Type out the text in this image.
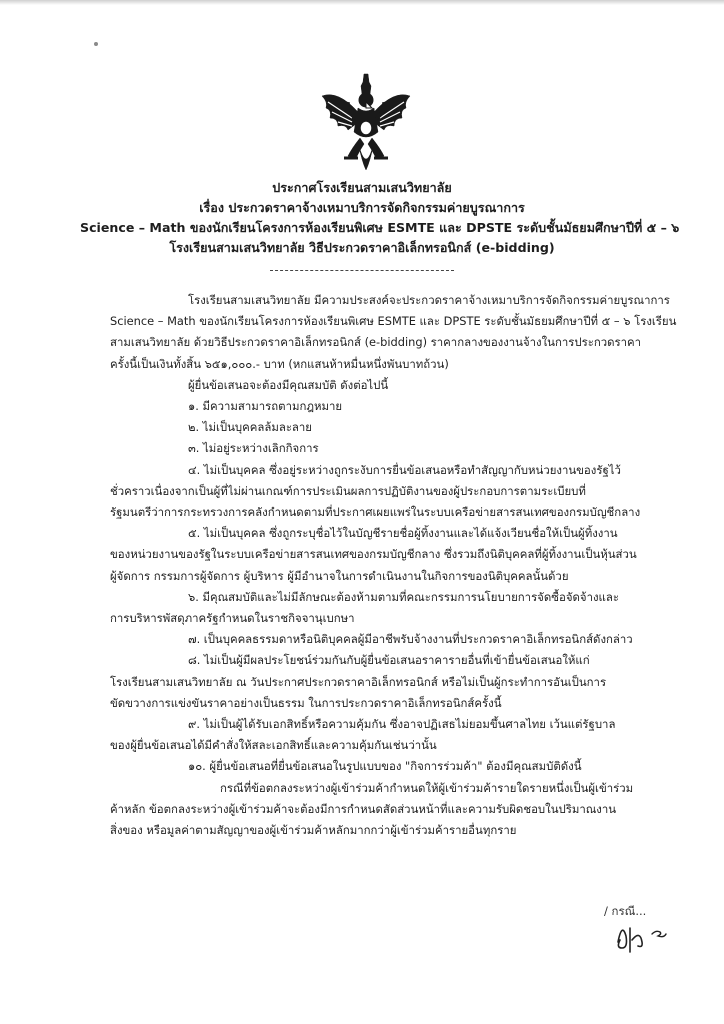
ประกาศโรงเรียนสามเสนวิทยาลัย
เรื่อง ประกวดราคาจ้างเหมาบริการจัดกิจกรรมค่ายบูรณาการ
Science – Math ของนักเรียนโครงการห้องเรียนพิเศษ ESMTE และ DPSTE ระดับชั้นมัธยมศึกษาปีที่ ๕ – ๖
โรงเรียนสามเสนวิทยาลัย วิธีประกวดราคาอิเล็กทรอนิกส์ (e-bidding)
โรงเรียนสามเสนวิทยาลัย มีความประสงค์จะประกวดราคาจ้างเหมาบริการจัดกิจกรรมค่ายบูรณาการ
Science – Math ของนักเรียนโครงการห้องเรียนพิเศษ ESMTE และ DPSTE ระดับชั้นมัธยมศึกษาปีที่ ๕ – ๖ โรงเรียน
สามเสนวิทยาลัย ด้วยวิธีประกวดราคาอิเล็กทรอนิกส์ (e-bidding) ราคากลางของงานจ้างในการประกวดราคา
ครั้งนี้เป็นเงินทั้งสิ้น ๖๕๑,๐๐๐.- บาท (หกแสนห้าหมื่นหนึ่งพันบาทถ้วน)
ผู้ยื่นข้อเสนอจะต้องมีคุณสมบัติ ดังต่อไปนี้
๑. มีความสามารถตามกฎหมาย
๒. ไม่เป็นบุคคลล้มละลาย
๓. ไม่อยู่ระหว่างเลิกกิจการ
๔. ไม่เป็นบุคคล ซึ่งอยู่ระหว่างถูกระงับการยื่นข้อเสนอหรือทำสัญญากับหน่วยงานของรัฐไว้
ชั่วคราวเนื่องจากเป็นผู้ที่ไม่ผ่านเกณฑ์การประเมินผลการปฏิบัติงานของผู้ประกอบการตามระเบียบที่
รัฐมนตรีว่าการกระทรวงการคลังกำหนดตามที่ประกาศเผยแพร่ในระบบเครือข่ายสารสนเทศของกรมบัญชีกลาง
๕. ไม่เป็นบุคคล ซึ่งถูกระบุชื่อไว้ในบัญชีรายชื่อผู้ทิ้งงานและได้แจ้งเวียนชื่อให้เป็นผู้ทิ้งงาน
ของหน่วยงานของรัฐในระบบเครือข่ายสารสนเทศของกรมบัญชีกลาง ซึ่งรวมถึงนิติบุคคลที่ผู้ทิ้งงานเป็นหุ้นส่วน
ผู้จัดการ กรรมการผู้จัดการ ผู้บริหาร ผู้มีอำนาจในการดำเนินงานในกิจการของนิติบุคคลนั้นด้วย
๖. มีคุณสมบัติและไม่มีลักษณะต้องห้ามตามที่คณะกรรมการนโยบายการจัดซื้อจัดจ้างและ
การบริหารพัสดุภาครัฐกำหนดในราชกิจจานุเบกษา
๗. เป็นบุคคลธรรมดาหรือนิติบุคคลผู้มีอาชีพรับจ้างงานที่ประกวดราคาอิเล็กทรอนิกส์ดังกล่าว
๘. ไม่เป็นผู้มีผลประโยชน์ร่วมกันกับผู้ยื่นข้อเสนอราคารายอื่นที่เข้ายื่นข้อเสนอให้แก่
โรงเรียนสามเสนวิทยาลัย ณ วันประกาศประกวดราคาอิเล็กทรอนิกส์ หรือไม่เป็นผู้กระทำการอันเป็นการ
ขัดขวางการแข่งขันราคาอย่างเป็นธรรม ในการประกวดราคาอิเล็กทรอนิกส์ครั้งนี้
๙. ไม่เป็นผู้ได้รับเอกสิทธิ์หรือความคุ้มกัน ซึ่งอาจปฏิเสธไม่ยอมขึ้นศาลไทย เว้นแต่รัฐบาล
ของผู้ยื่นข้อเสนอได้มีคำสั่งให้สละเอกสิทธิ์และความคุ้มกันเช่นว่านั้น
๑๐. ผู้ยื่นข้อเสนอที่ยื่นข้อเสนอในรูปแบบของ "กิจการร่วมค้า" ต้องมีคุณสมบัติดังนี้
กรณีที่ข้อตกลงระหว่างผู้เข้าร่วมค้ากำหนดให้ผู้เข้าร่วมค้ารายใดรายหนึ่งเป็นผู้เข้าร่วม
ค้าหลัก ข้อตกลงระหว่างผู้เข้าร่วมค้าจะต้องมีการกำหนดสัดส่วนหน้าที่และความรับผิดชอบในปริมาณงาน
สิ่งของ หรือมูลค่าตามสัญญาของผู้เข้าร่วมค้าหลักมากกว่าผู้เข้าร่วมค้ารายอื่นทุกราย
/ กรณี...
